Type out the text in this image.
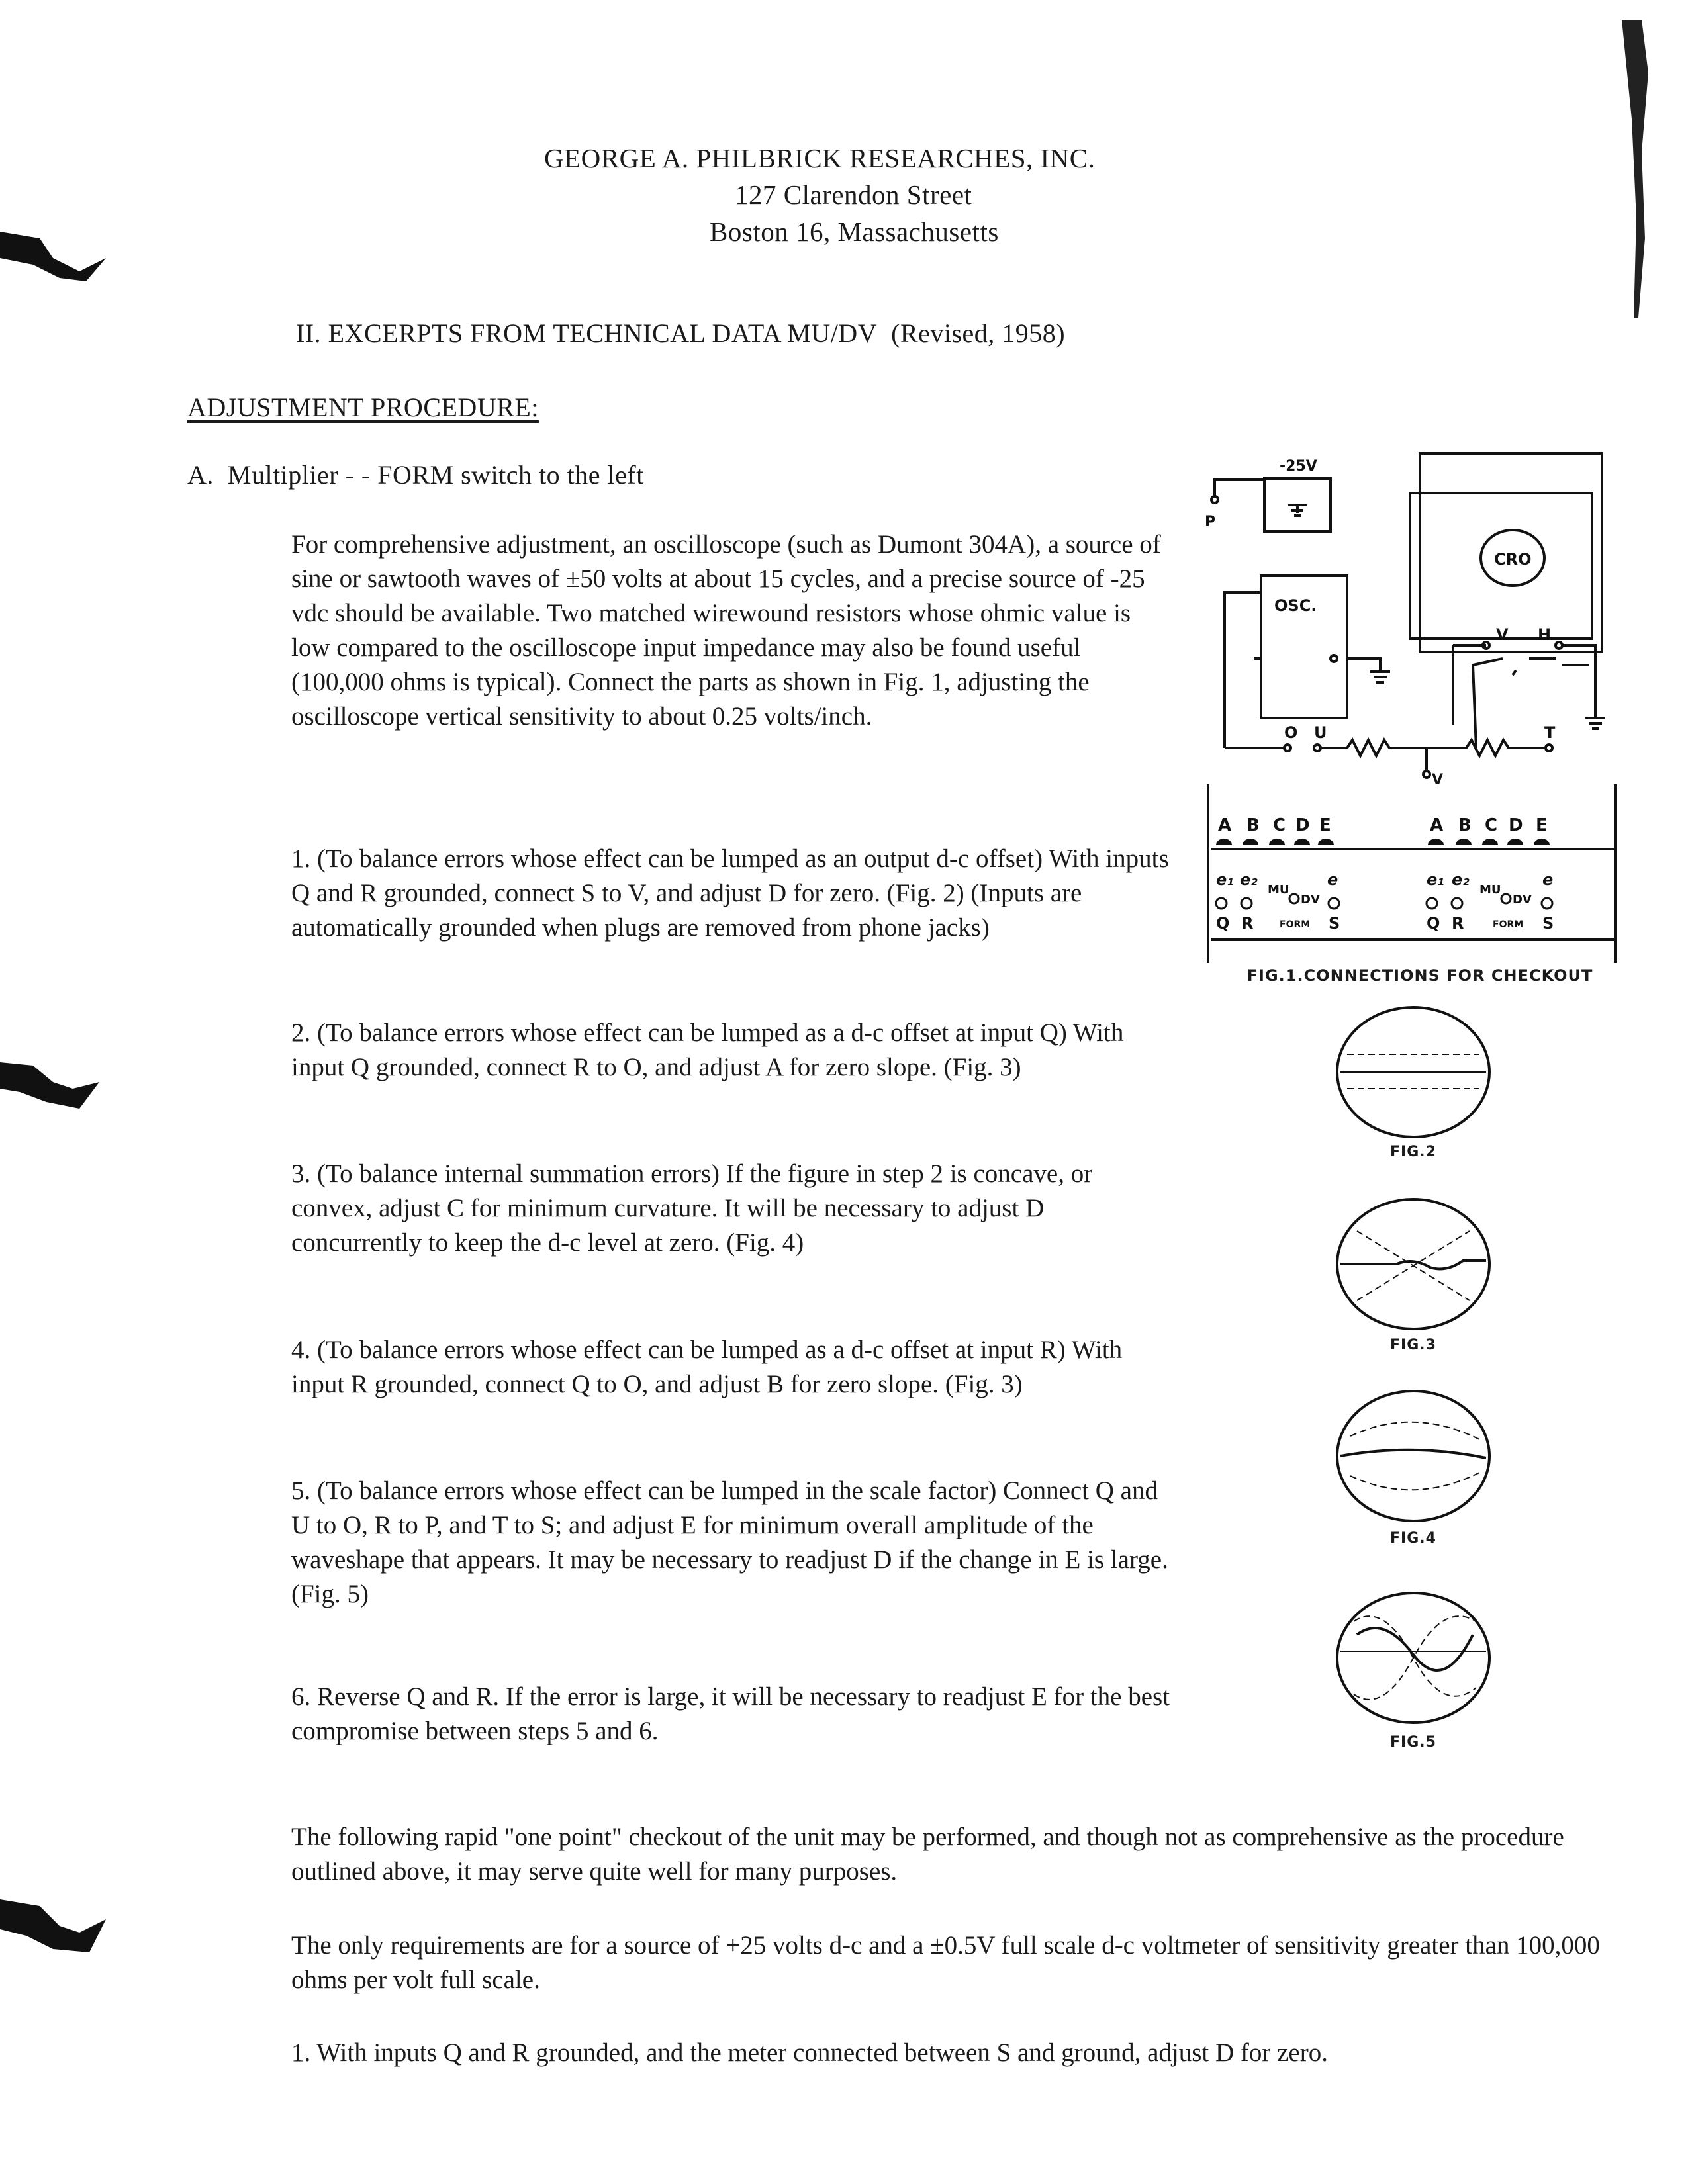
GEORGE A. PHILBRICK RESEARCHES, INC.
127 Clarendon Street
Boston 16, Massachusetts
II. EXCERPTS FROM TECHNICAL DATA MU/DV (Revised, 1958)
ADJUSTMENT PROCEDURE:
A. Multiplier - - FORM switch to the left
For comprehensive adjustment, an oscilloscope (such as Dumont 304A), a source of sine or sawtooth waves of ±50 volts at about 15 cycles, and a precise source of -25 vdc should be available. Two matched wirewound resistors whose ohmic value is low compared to the oscilloscope input impedance may also be found useful (100,000 ohms is typical). Connect the parts as shown in Fig. 1, adjusting the oscilloscope vertical sensitivity to about 0.25 volts/inch.
1. (To balance errors whose effect can be lumped as an output d-c offset) With inputs Q and R grounded, connect S to V, and adjust D for zero. (Fig. 2) (Inputs are automatically grounded when plugs are removed from phone jacks)
2. (To balance errors whose effect can be lumped as a d-c offset at input Q) With input Q grounded, connect R to O, and adjust A for zero slope. (Fig. 3)
3. (To balance internal summation errors) If the figure in step 2 is concave, or convex, adjust C for minimum curvature. It will be necessary to adjust D concurrently to keep the d-c level at zero. (Fig. 4)
4. (To balance errors whose effect can be lumped as a d-c offset at input R) With input R grounded, connect Q to O, and adjust B for zero slope. (Fig. 3)
5. (To balance errors whose effect can be lumped in the scale factor) Connect Q and U to O, R to P, and T to S; and adjust E for minimum overall amplitude of the waveshape that appears. It may be necessary to readjust D if the change in E is large. (Fig. 5)
6. Reverse Q and R. If the error is large, it will be necessary to readjust E for the best compromise between steps 5 and 6.
The following rapid "one point" checkout of the unit may be performed, and though not as comprehensive as the procedure outlined above, it may serve quite well for many purposes.
The only requirements are for a source of +25 volts d-c and a ±0.5V full scale d-c voltmeter of sensitivity greater than 100,000 ohms per volt full scale.
1. With inputs Q and R grounded, and the meter connected between S and ground, adjust D for zero.
-25V
P
OSC.
CRO
V H
O U	T
V
A B C D E	A B C D E
e₁ e₂
MU
DV
e	e₁ e₂
MU
DV
e
Q R	FORM S	Q R	FORM S
FIG.1.CONNECTIONS FOR CHECKOUT
FIG.2
FIG.3
FIG.4
FIG.5
